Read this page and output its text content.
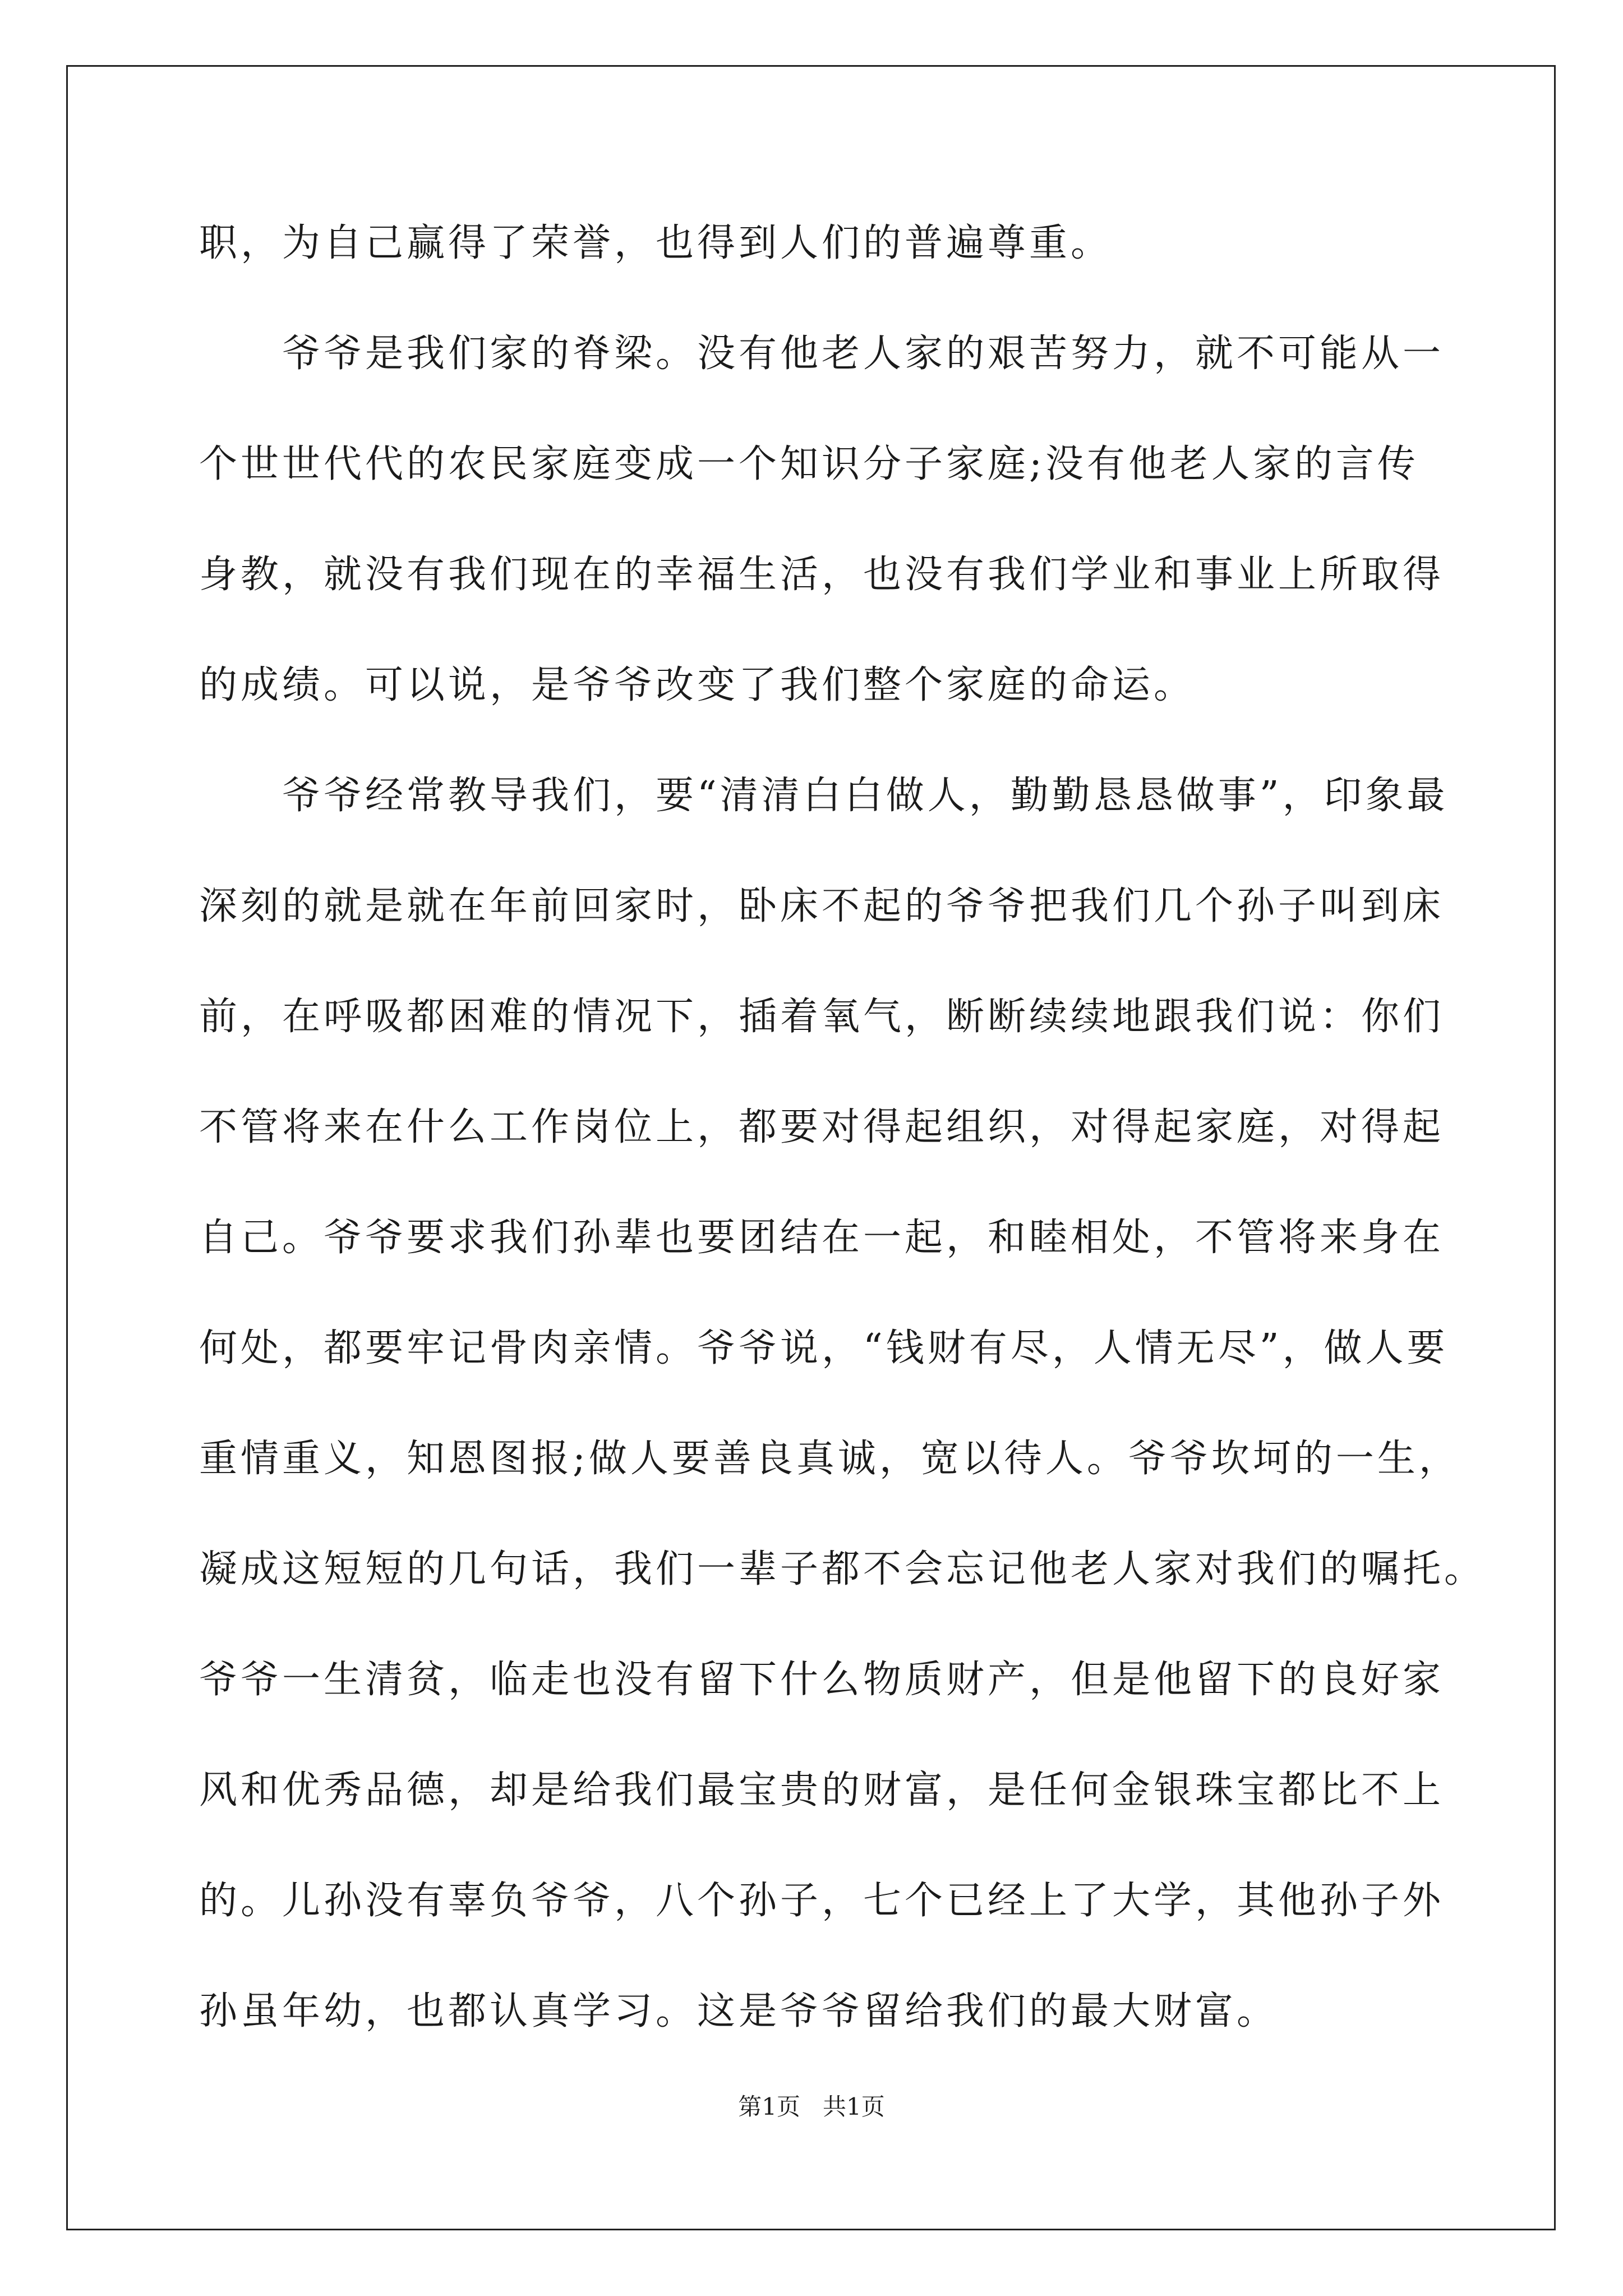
职，为自己赢得了荣誉，也得到人们的普遍尊重。
　　爷爷是我们家的脊梁。没有他老人家的艰苦努力，就不可能从一
个世世代代的农民家庭变成一个知识分子家庭;没有他老人家的言传
身教，就没有我们现在的幸福生活，也没有我们学业和事业上所取得
的成绩。可以说，是爷爷改变了我们整个家庭的命运。
　　爷爷经常教导我们，要“清清白白做人，勤勤恳恳做事”，印象最
深刻的就是就在年前回家时，卧床不起的爷爷把我们几个孙子叫到床
前，在呼吸都困难的情况下，插着氧气，断断续续地跟我们说：你们
不管将来在什么工作岗位上，都要对得起组织，对得起家庭，对得起
自己。爷爷要求我们孙辈也要团结在一起，和睦相处，不管将来身在
何处，都要牢记骨肉亲情。爷爷说，“钱财有尽，人情无尽”，做人要
重情重义，知恩图报;做人要善良真诚，宽以待人。爷爷坎坷的一生，
凝成这短短的几句话，我们一辈子都不会忘记他老人家对我们的嘱托。
爷爷一生清贫，临走也没有留下什么物质财产，但是他留下的良好家
风和优秀品德，却是给我们最宝贵的财富，是任何金银珠宝都比不上
的。儿孙没有辜负爷爷，八个孙子，七个已经上了大学，其他孙子外
孙虽年幼，也都认真学习。这是爷爷留给我们的最大财富。
第1页 共1页
